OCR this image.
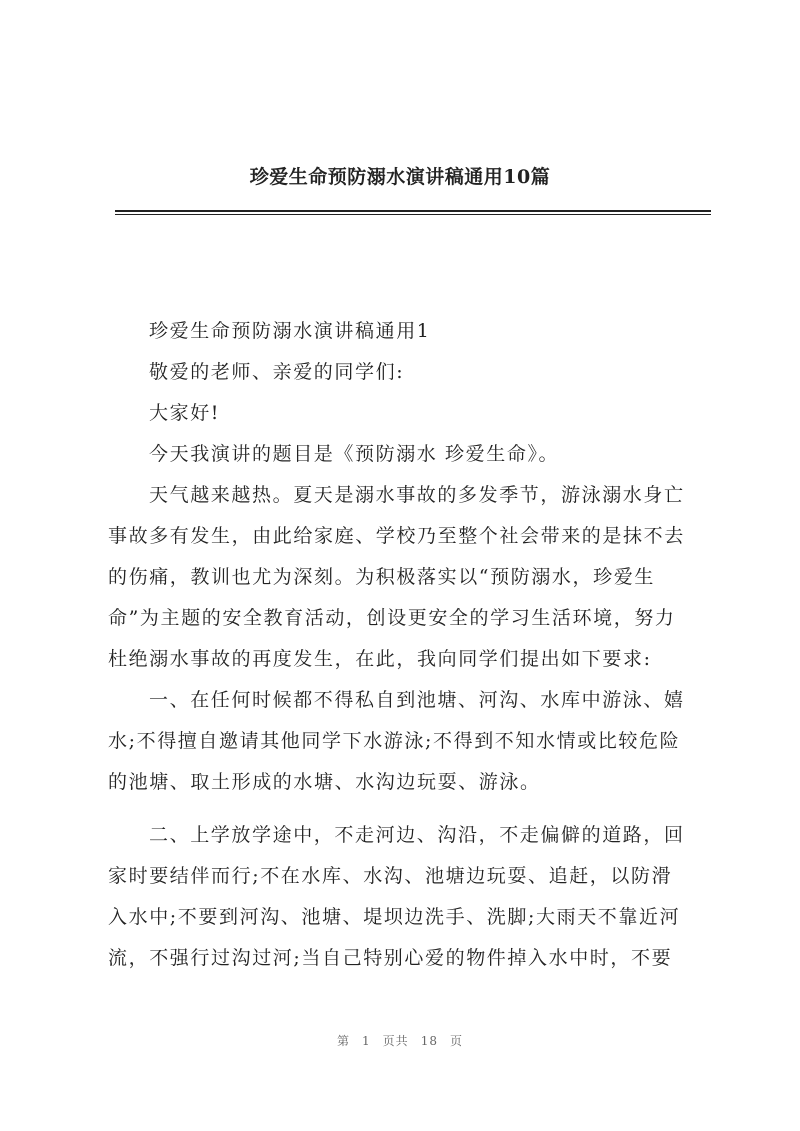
珍爱生命预防溺水演讲稿通用10篇

珍爱生命预防溺水演讲稿通用1

敬爱的老师、亲爱的同学们:

大家好!

今天我演讲的题目是《预防溺水 珍爱生命》。

天气越来越热。夏天是溺水事故的多发季节，游泳溺水身亡

事故多有发生，由此给家庭、学校乃至整个社会带来的是抹不去

的伤痛，教训也尤为深刻。为积极落实以“预防溺水，珍爱生

命”为主题的安全教育活动，创设更安全的学习生活环境，努力

杜绝溺水事故的再度发生，在此，我向同学们提出如下要求:

一、在任何时候都不得私自到池塘、河沟、水库中游泳、嬉

水;不得擅自邀请其他同学下水游泳;不得到不知水情或比较危险

的池塘、取土形成的水塘、水沟边玩耍、游泳。

二、上学放学途中，不走河边、沟沿，不走偏僻的道路，回

家时要结伴而行;不在水库、水沟、池塘边玩耍、追赶，以防滑

入水中;不要到河沟、池塘、堤坝边洗手、洗脚;大雨天不靠近河

流，不强行过沟过河;当自己特别心爱的物件掉入水中时，不要

第 1 页共 18 页
